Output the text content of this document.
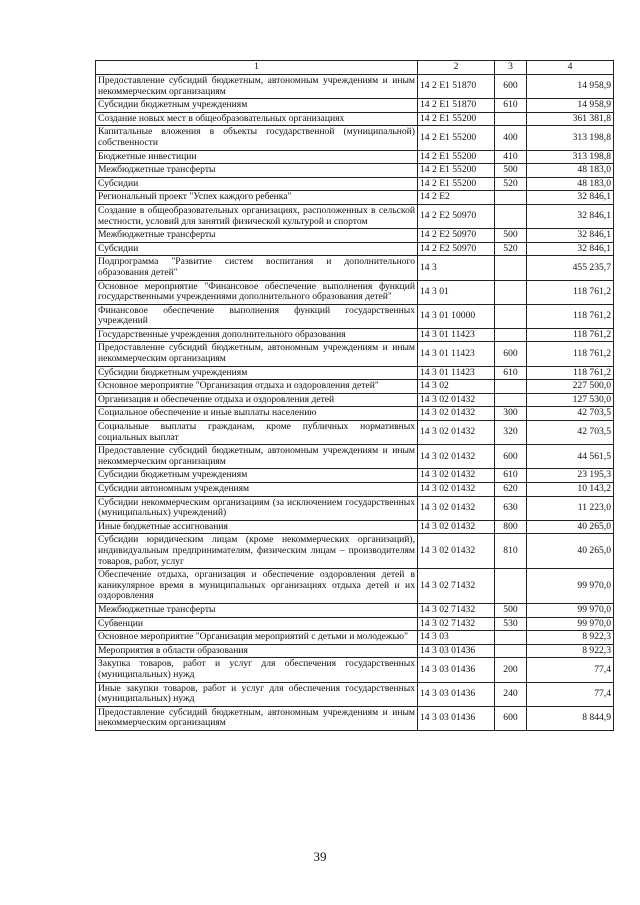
1	2	3	4
Предоставление субсидий бюджетным, автономным учреждениям и иным некоммерческим организациям	14 2 E1 51870	600	14 958,9
Субсидии бюджетным учреждениям	14 2 E1 51870	610	14 958,9
Создание новых мест в общеобразовательных организациях	14 2 E1 55200		361 381,8
Капитальные вложения в объекты государственной (муниципальной) собственности	14 2 E1 55200	400	313 198,8
Бюджетные инвестиции	14 2 E1 55200	410	313 198,8
Межбюджетные трансферты	14 2 E1 55200	500	48 183,0
Субсидии	14 2 E1 55200	520	48 183,0
Региональный проект "Успех каждого ребенка"	14 2 E2		32 846,1
Создание в общеобразовательных организациях, расположенных в сельской местности, условий для занятий физической культурой и спортом	14 2 E2 50970		32 846,1
Межбюджетные трансферты	14 2 E2 50970	500	32 846,1
Субсидии	14 2 E2 50970	520	32 846,1
Подпрограмма "Развитие систем воспитания и дополнительного образования детей"	14 3		455 235,7
Основное мероприятие "Финансовое обеспечение выполнения функций государственными учреждениями дополнительного образования детей"	14 3 01		118 761,2
Финансовое обеспечение выполнения функций государственных учреждений	14 3 01 10000		118 761,2
Государственные учреждения дополнительного образования	14 3 01 11423		118 761,2
Предоставление субсидий бюджетным, автономным учреждениям и иным некоммерческим организациям	14 3 01 11423	600	118 761,2
Субсидии бюджетным учреждениям	14 3 01 11423	610	118 761,2
Основное мероприятие "Организация отдыха и оздоровления детей"	14 3 02		227 500,0
Организация и обеспечение отдыха и оздоровления детей	14 3 02 01432		127 530,0
Социальное обеспечение и иные выплаты населению	14 3 02 01432	300	42 703,5
Социальные выплаты гражданам, кроме публичных нормативных социальных выплат	14 3 02 01432	320	42 703,5
Предоставление субсидий бюджетным, автономным учреждениям и иным некоммерческим организациям	14 3 02 01432	600	44 561,5
Субсидии бюджетным учреждениям	14 3 02 01432	610	23 195,3
Субсидии автономным учреждениям	14 3 02 01432	620	10 143,2
Субсидии некоммерческим организациям (за исключением государственных (муниципальных) учреждений)	14 3 02 01432	630	11 223,0
Иные бюджетные ассигнования	14 3 02 01432	800	40 265,0
Субсидии юридическим лицам (кроме некоммерческих организаций), индивидуальным предпринимателям, физическим лицам – производителям товаров, работ, услуг	14 3 02 01432	810	40 265,0
Обеспечение отдыха, организация и обеспечение оздоровления детей в каникулярное время в муниципальных организациях отдыха детей и их оздоровления	14 3 02 71432		99 970,0
Межбюджетные трансферты	14 3 02 71432	500	99 970,0
Субвенции	14 3 02 71432	530	99 970,0
Основное мероприятие "Организация мероприятий с детьми и молодежью"	14 3 03		8 922,3
Мероприятия в области образования	14 3 03 01436		8 922,3
Закупка товаров, работ и услуг для обеспечения государственных (муниципальных) нужд	14 3 03 01436	200	77,4
Иные закупки товаров, работ и услуг для обеспечения государственных (муниципальных) нужд	14 3 03 01436	240	77,4
Предоставление субсидий бюджетным, автономным учреждениям и иным некоммерческим организациям	14 3 03 01436	600	8 844,9
39
